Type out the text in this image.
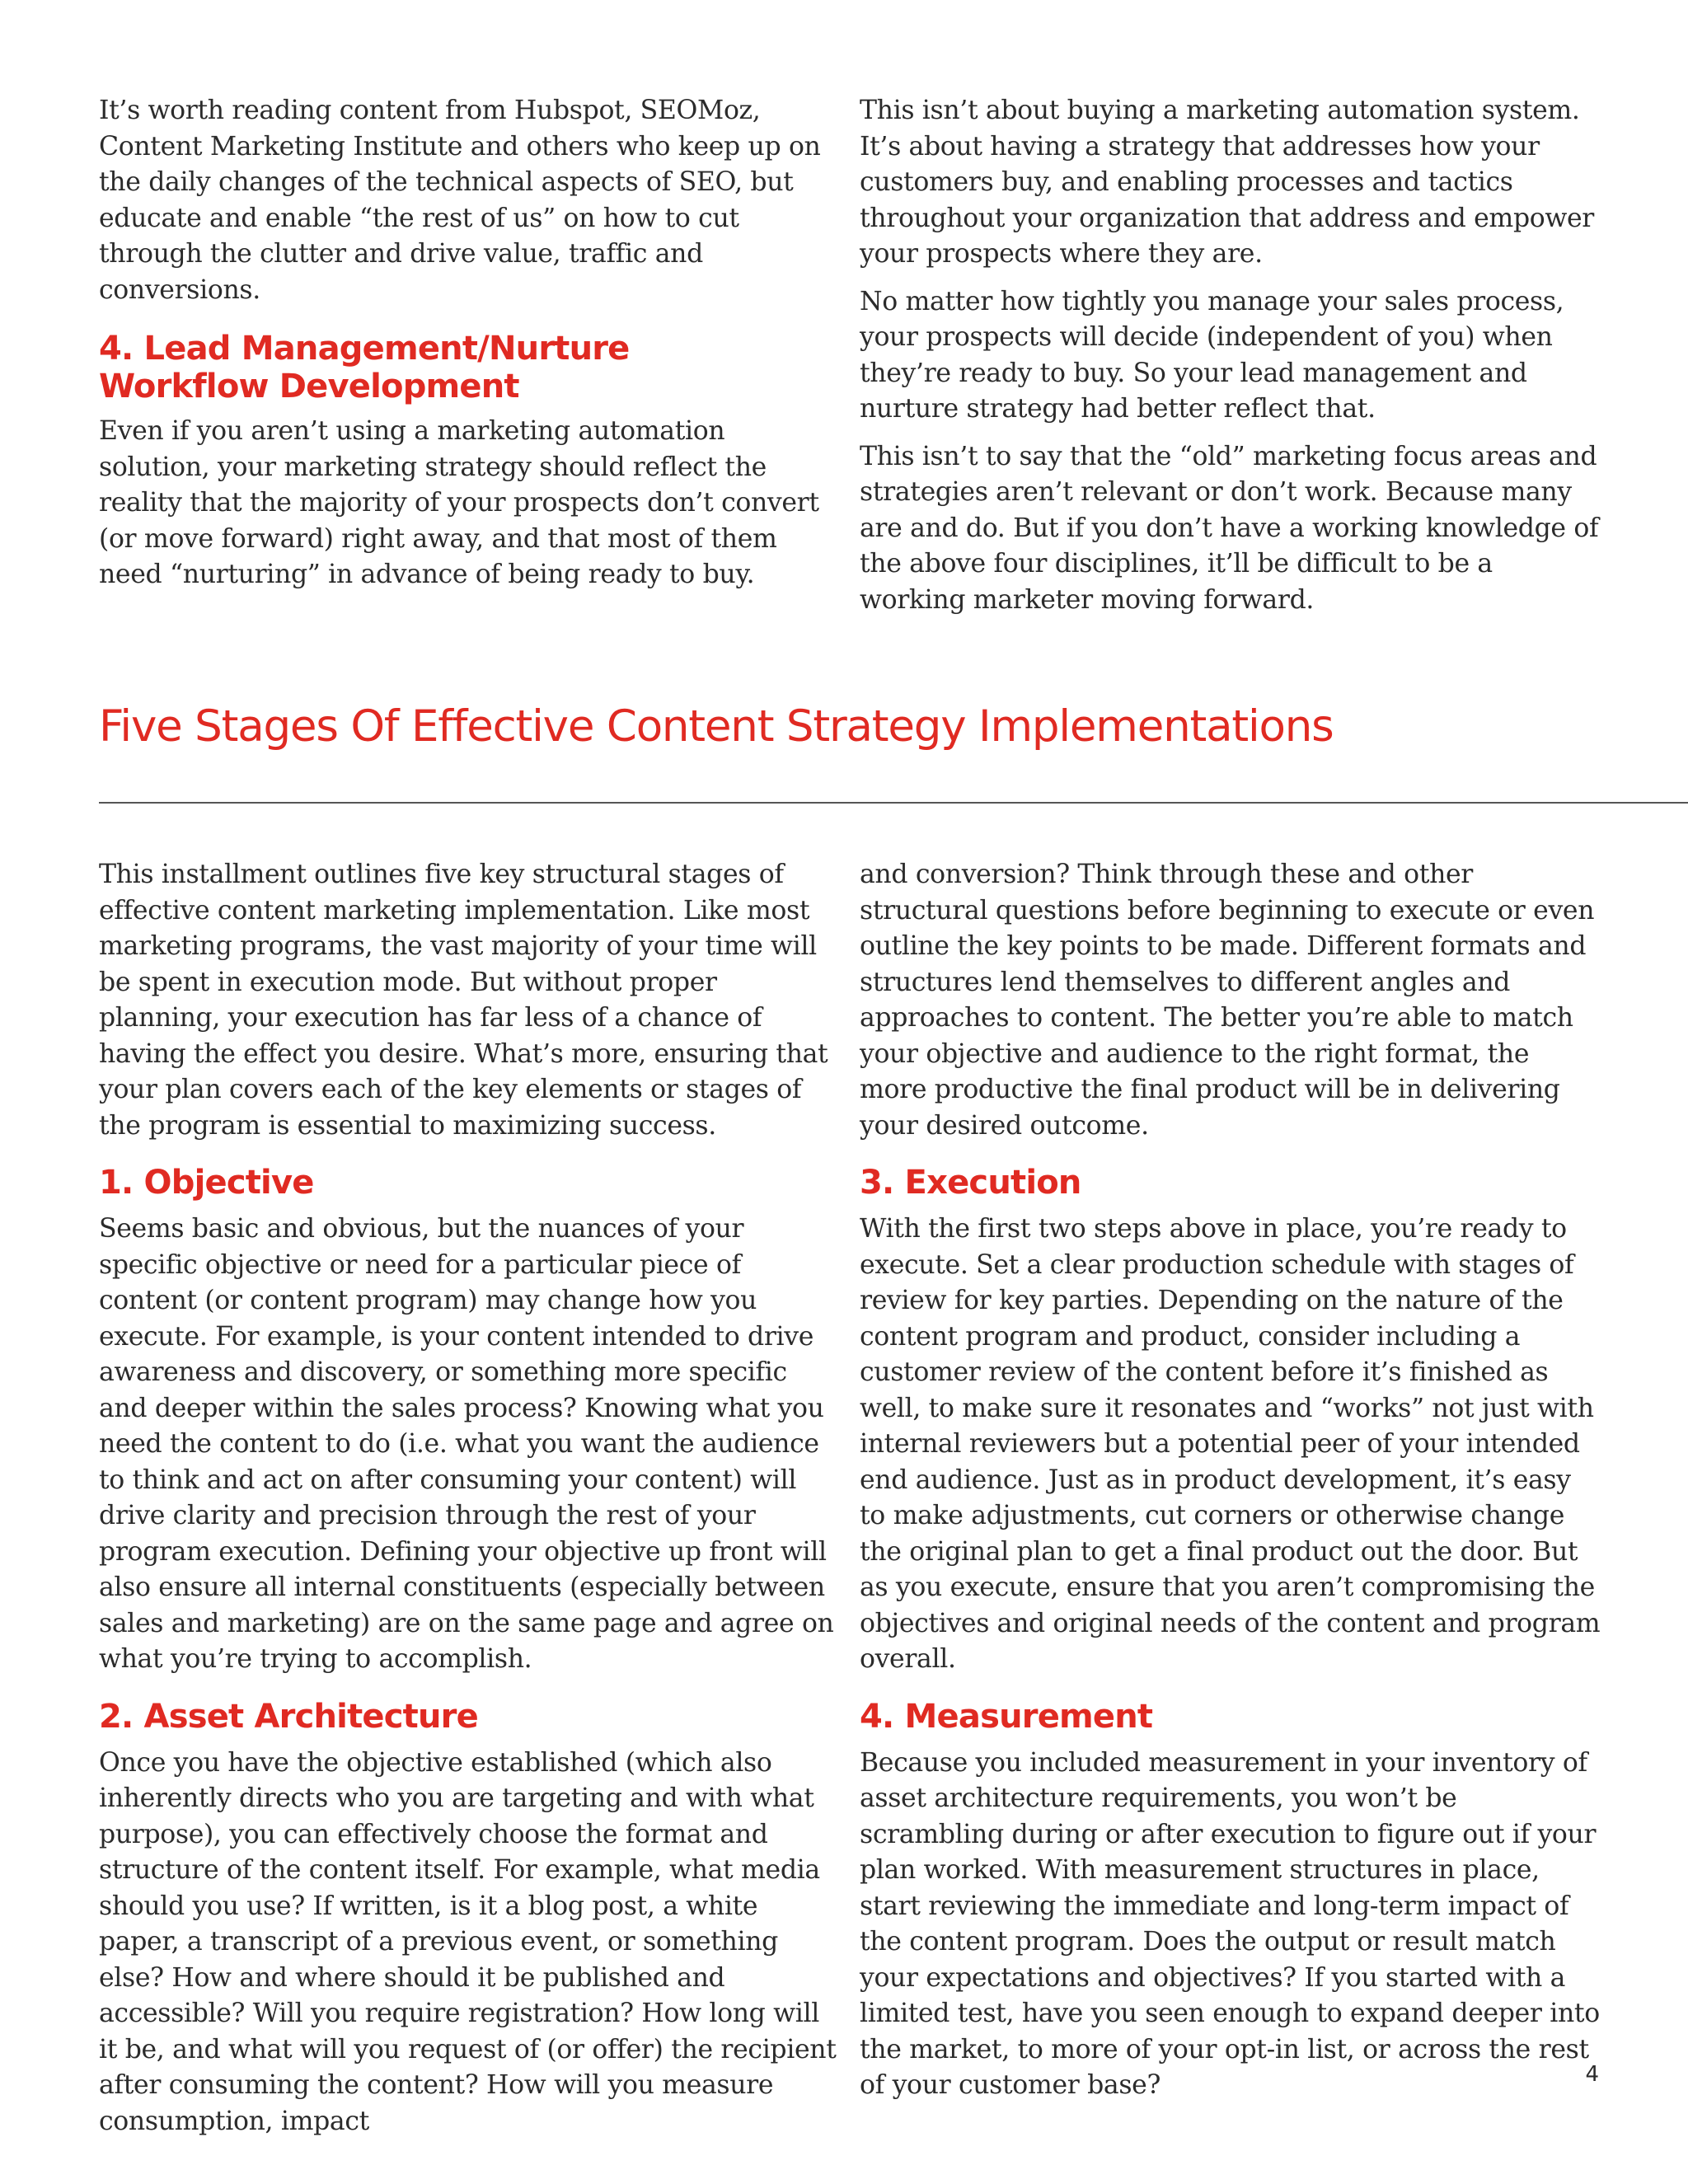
It’s worth reading content from Hubspot, SEOMoz, Content Marketing Institute and others who keep up on the daily changes of the technical aspects of SEO, but educate and enable “the rest of us” on how to cut through the clutter and drive value, traffic and conversions.

4. Lead Management/Nurture
Workflow Development

Even if you aren’t using a marketing automation solution, your marketing strategy should reflect the reality that the majority of your prospects don’t convert (or move forward) right away, and that most of them need “nurturing” in advance of being ready to buy.

This isn’t about buying a marketing automation system. It’s about having a strategy that addresses how your customers buy, and enabling processes and tactics throughout your organization that address and empower your prospects where they are.

No matter how tightly you manage your sales process, your prospects will decide (independent of you) when they’re ready to buy. So your lead management and nurture strategy had better reflect that.

This isn’t to say that the “old” marketing focus areas and strategies aren’t relevant or don’t work. Because many are and do. But if you don’t have a working knowledge of the above four disciplines, it’ll be difficult to be a working marketer moving forward.

Five Stages Of Effective Content Strategy Implementations

This installment outlines five key structural stages of effective content marketing implementation. Like most marketing programs, the vast majority of your time will be spent in execution mode. But without proper planning, your execution has far less of a chance of having the effect you desire. What’s more, ensuring that your plan covers each of the key elements or stages of the program is essential to maximizing success.

1. Objective

Seems basic and obvious, but the nuances of your specific objective or need for a particular piece of content (or content program) may change how you execute. For example, is your content intended to drive awareness and discovery, or something more specific and deeper within the sales process? Knowing what you need the content to do (i.e. what you want the audience to think and act on after consuming your content) will drive clarity and precision through the rest of your program execution. Defining your objective up front will also ensure all internal constituents (especially between sales and marketing) are on the same page and agree on what you’re trying to accomplish.

2. Asset Architecture

Once you have the objective established (which also inherently directs who you are targeting and with what purpose), you can effectively choose the format and structure of the content itself. For example, what media should you use? If written, is it a blog post, a white paper, a transcript of a previous event, or something else? How and where should it be published and accessible? Will you require registration? How long will it be, and what will you request of (or offer) the recipient after consuming the content? How will you measure consumption, impact

and conversion? Think through these and other structural questions before beginning to execute or even outline the key points to be made. Different formats and structures lend themselves to different angles and approaches to content. The better you’re able to match your objective and audience to the right format, the more productive the final product will be in delivering your desired outcome.

3. Execution

With the first two steps above in place, you’re ready to execute. Set a clear production schedule with stages of review for key parties. Depending on the nature of the content program and product, consider including a customer review of the content before it’s finished as well, to make sure it resonates and “works” not just with internal reviewers but a potential peer of your intended end audience. Just as in product development, it’s easy to make adjustments, cut corners or otherwise change the original plan to get a final product out the door. But as you execute, ensure that you aren’t compromising the objectives and original needs of the content and program overall.

4. Measurement

Because you included measurement in your inventory of asset architecture requirements, you won’t be scrambling during or after execution to figure out if your plan worked. With measurement structures in place, start reviewing the immediate and long-term impact of the content program. Does the output or result match your expectations and objectives? If you started with a limited test, have you seen enough to expand deeper into the market, to more of your opt-in list, or across the rest of your customer base?	4
